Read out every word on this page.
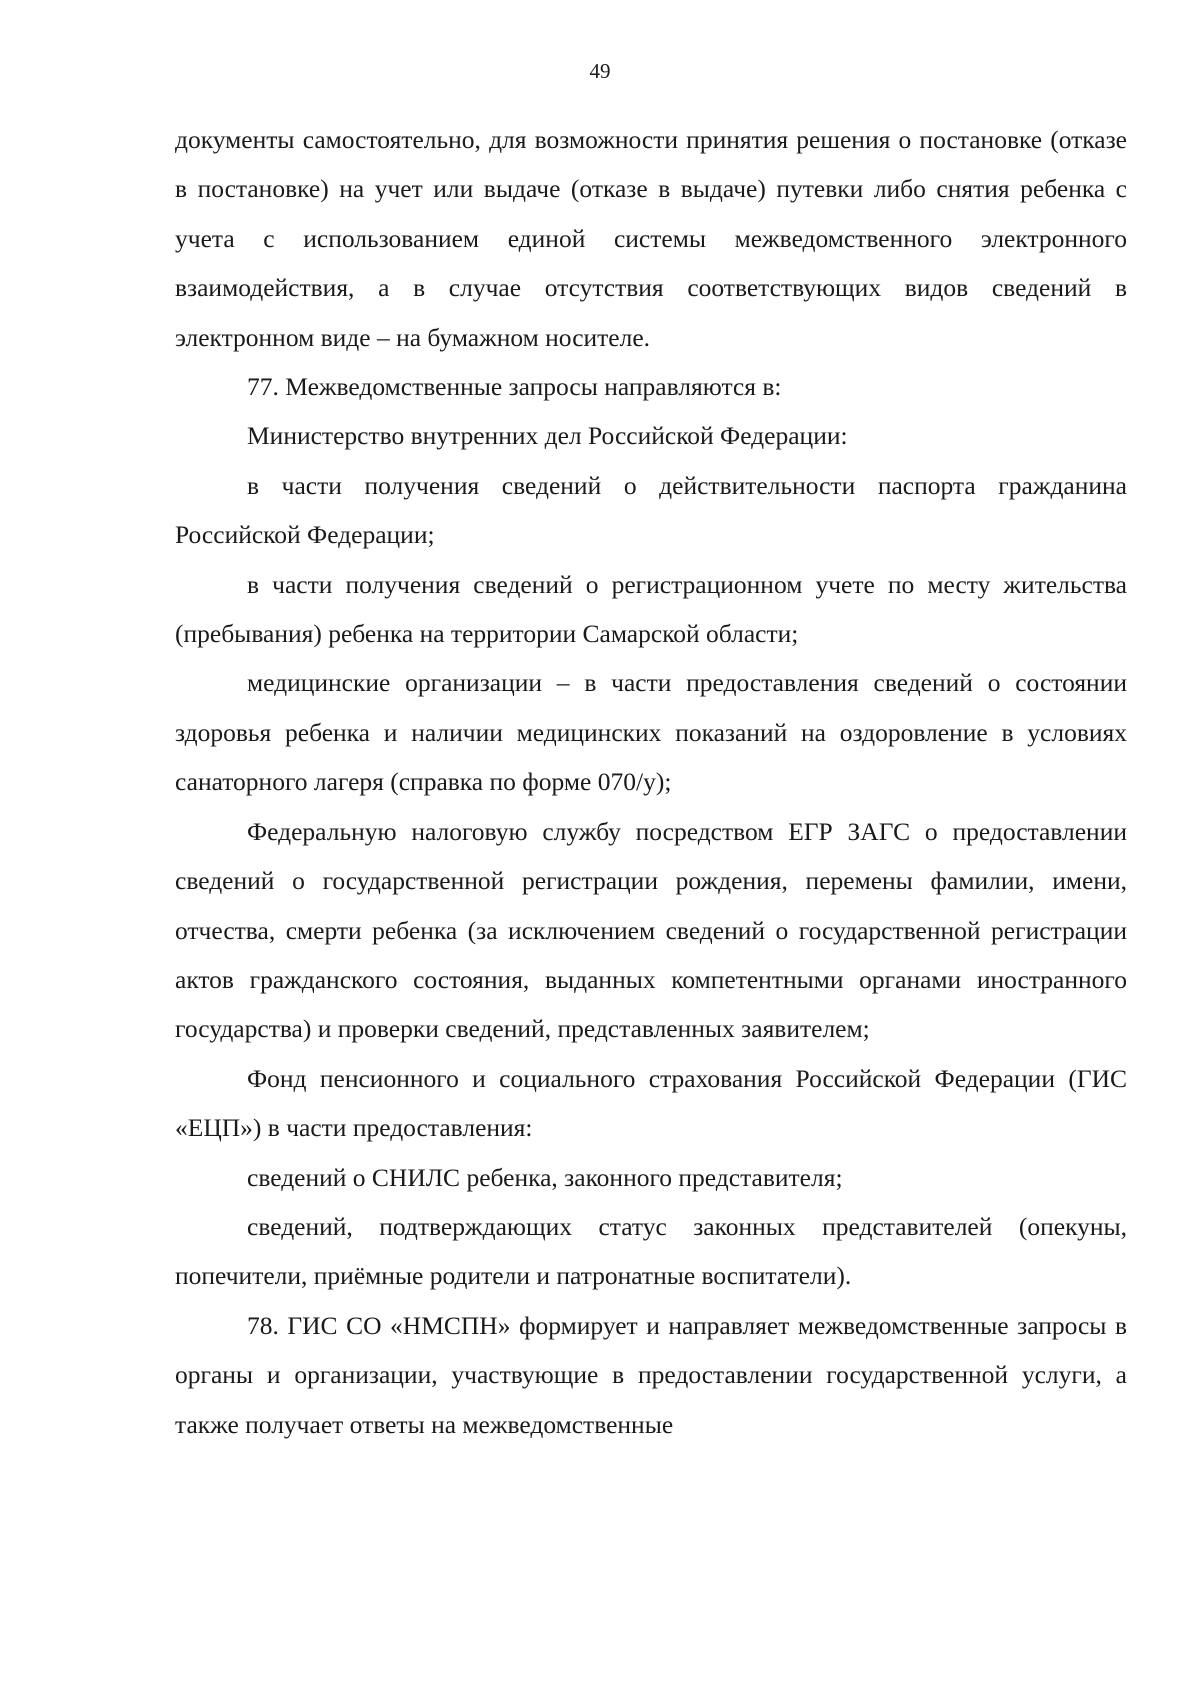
49

документы самостоятельно, для возможности принятия решения о постановке (отказе в постановке) на учет или выдаче (отказе в выдаче) путевки либо снятия ребенка с учета с использованием единой системы межведомственного электронного взаимодействия, а в случае отсутствия соответствующих видов сведений в электронном виде – на бумажном носителе.

77. Межведомственные запросы направляются в:

Министерство внутренних дел Российской Федерации:

в части получения сведений о действительности паспорта гражданина Российской Федерации;

в части получения сведений о регистрационном учете по месту жительства (пребывания) ребенка на территории Самарской области;

медицинские организации – в части предоставления сведений о состоянии здоровья ребенка и наличии медицинских показаний на оздоровление в условиях санаторного лагеря (справка по форме 070/у);

Федеральную налоговую службу посредством ЕГР ЗАГС о предоставлении сведений о государственной регистрации рождения, перемены фамилии, имени, отчества, смерти ребенка (за исключением сведений о государственной регистрации актов гражданского состояния, выданных компетентными органами иностранного государства) и проверки сведений, представленных заявителем;

Фонд пенсионного и социального страхования Российской Федерации (ГИС «ЕЦП») в части предоставления:

сведений о СНИЛС ребенка, законного представителя;

сведений, подтверждающих статус законных представителей (опекуны, попечители, приёмные родители и патронатные воспитатели).

78. ГИС СО «НМСПН» формирует и направляет межведомственные запросы в органы и организации, участвующие в предоставлении государственной услуги, а также получает ответы на межведомственные
